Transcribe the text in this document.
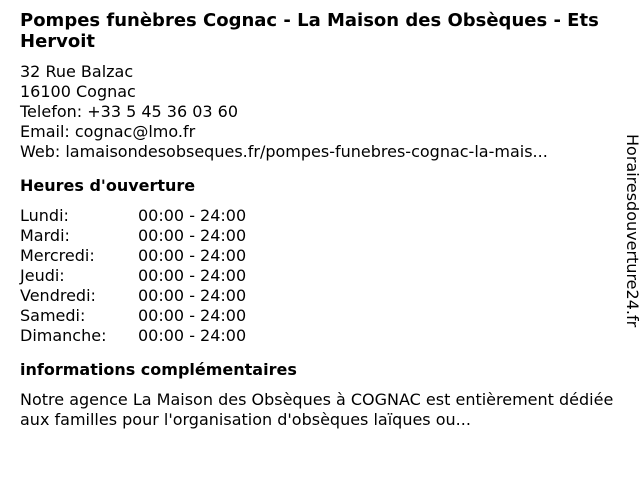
Pompes funèbres Cognac - La Maison des Obsèques - Ets Hervoit
32 Rue Balzac
16100 Cognac
Telefon: +33 5 45 36 03 60
Email: cognac@lmo.fr
Web: lamaisondesobseques.fr/pompes-funebres-cognac-la-mais...
Heures d'ouverture
Lundi:	00:00 - 24:00
Mardi:	00:00 - 24:00
Mercredi:	00:00 - 24:00
Jeudi:	00:00 - 24:00
Vendredi:	00:00 - 24:00
Samedi:	00:00 - 24:00
Dimanche:	00:00 - 24:00
informations complémentaires
Notre agence La Maison des Obsèques à COGNAC est entièrement dédiée aux familles pour l'organisation d'obsèques laïques ou...
Horairesdouverture24.fr
